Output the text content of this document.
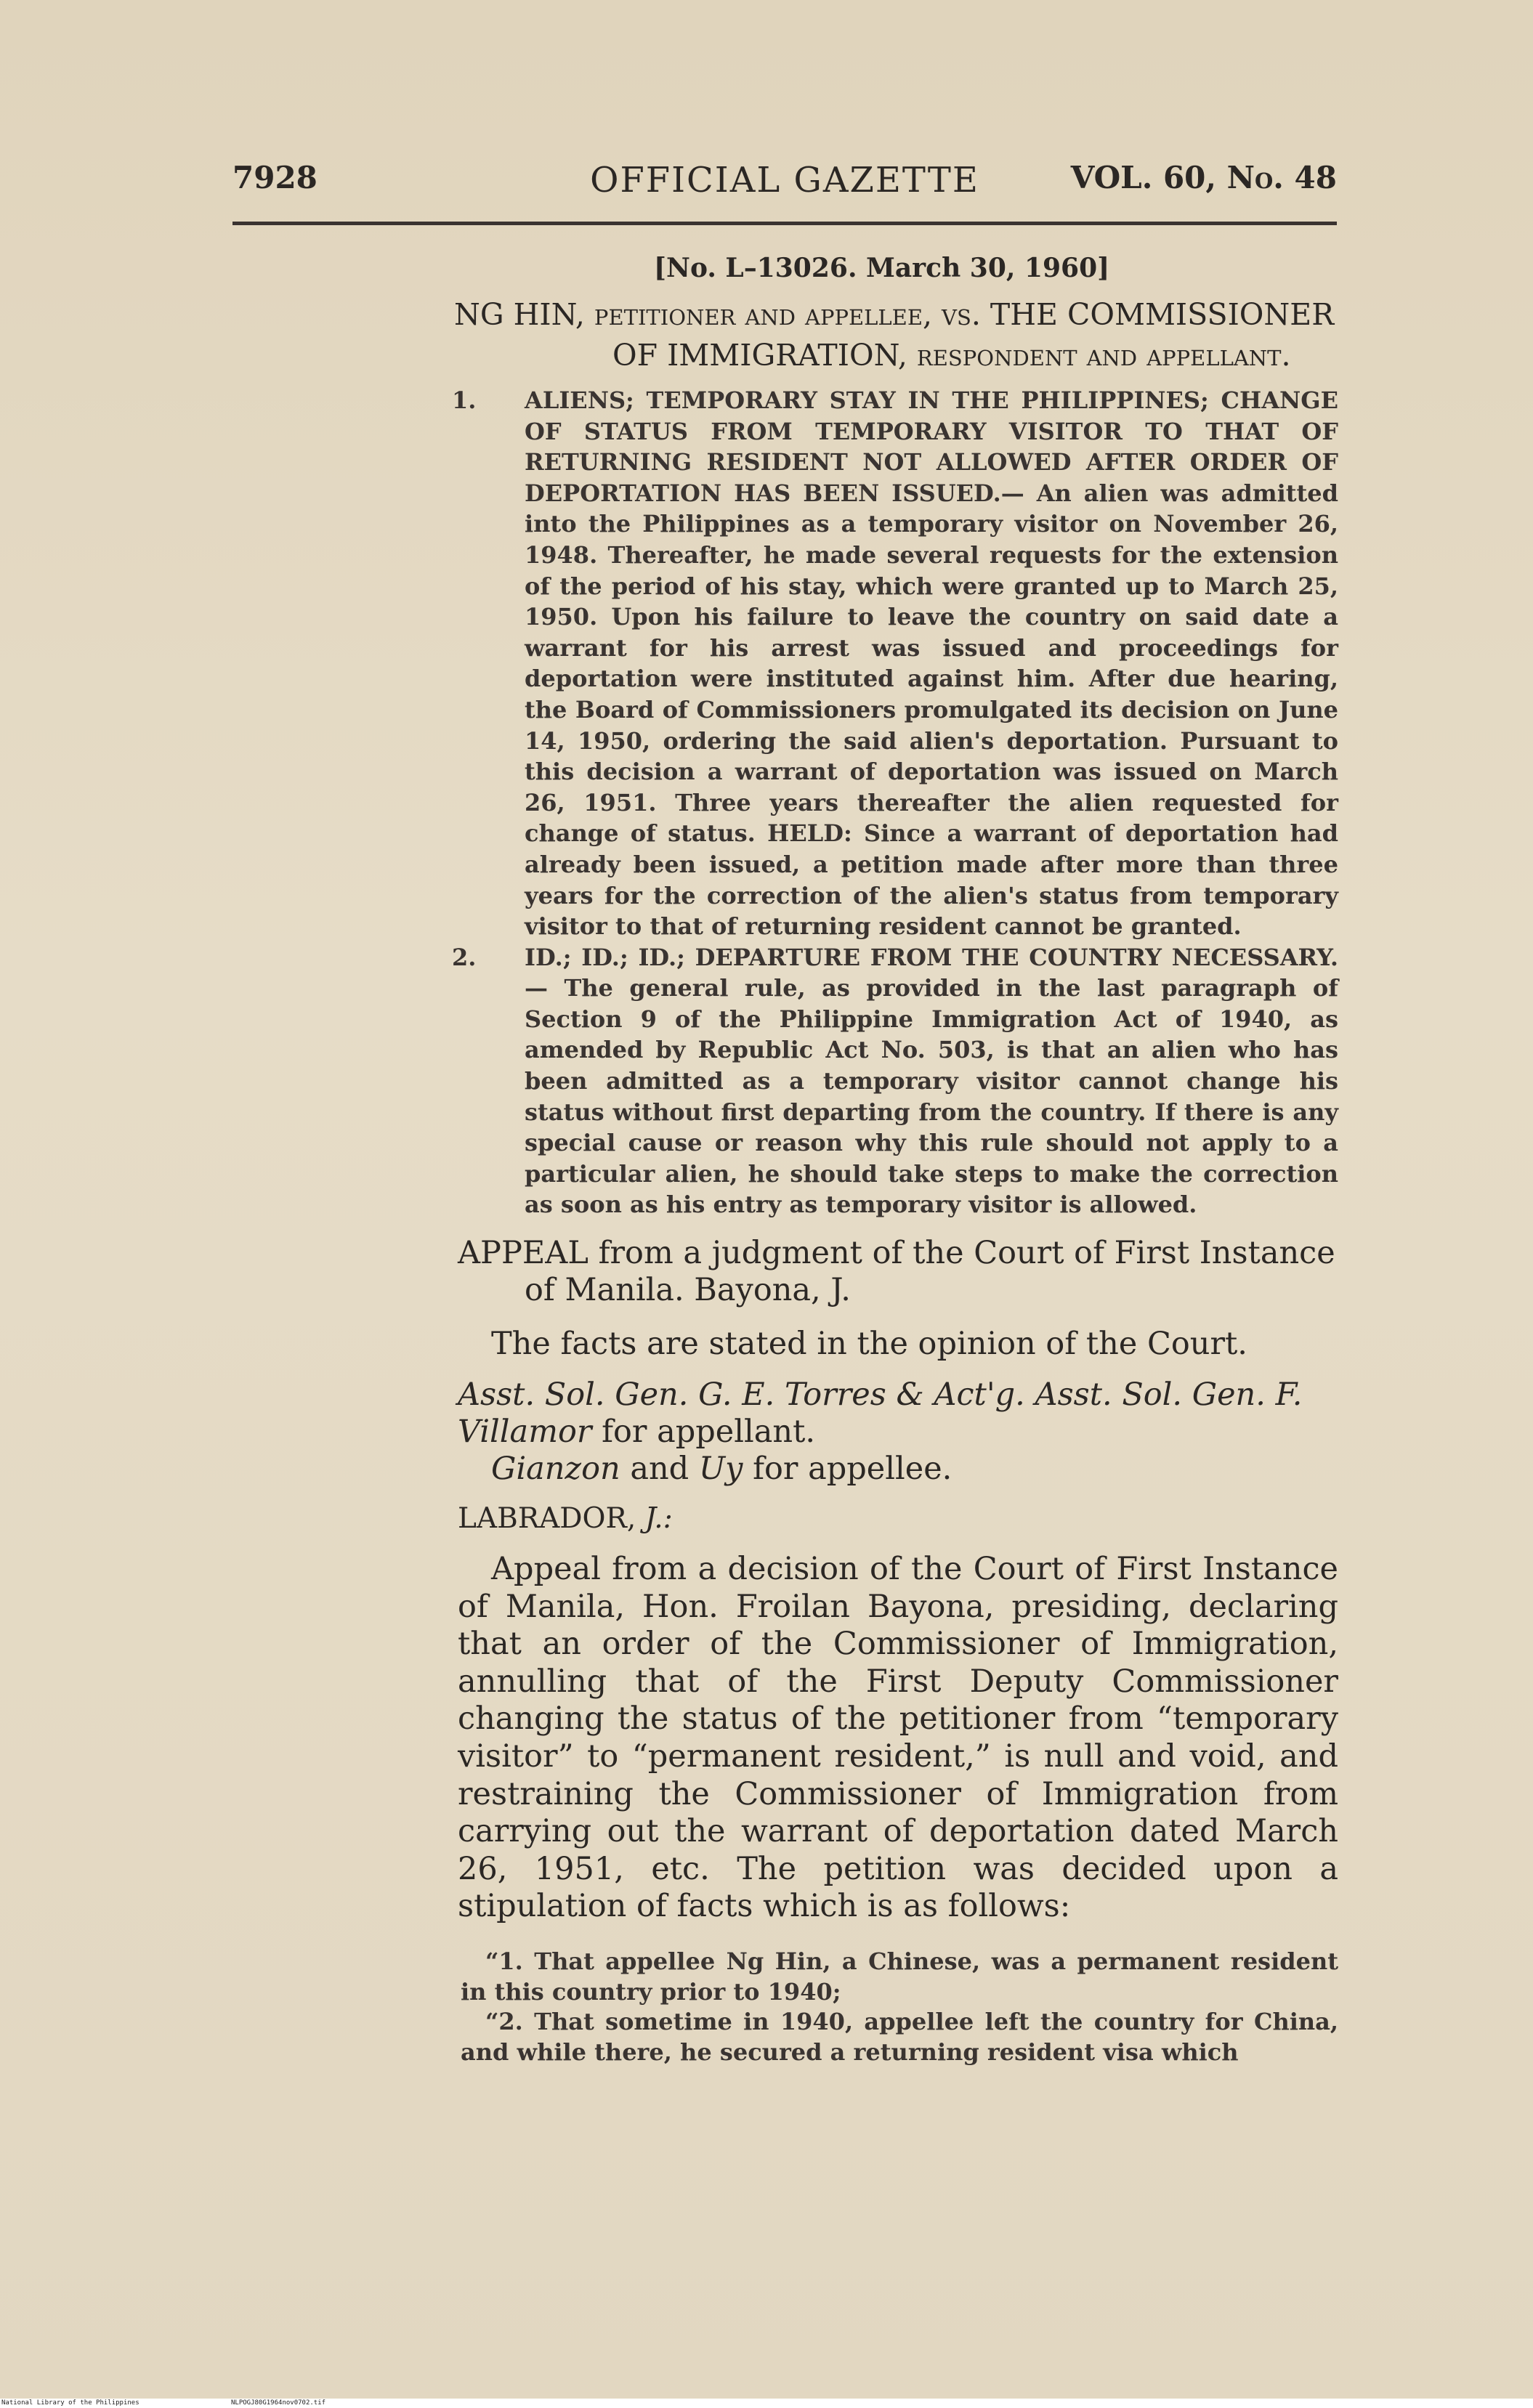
7928	OFFICIAL GAZETTE	VOL. 60, No. 48
[No. L–13026. March 30, 1960]
NG HIN, petitioner and appellee, vs. THE COMMISSIONER
OF IMMIGRATION, respondent and appellant.
1. ALIENS; TEMPORARY STAY IN THE PHILIPPINES; CHANGE OF STATUS FROM TEMPORARY VISITOR TO THAT OF RETURNING RESIDENT NOT ALLOWED AFTER ORDER OF DEPORTATION HAS BEEN ISSUED.— An alien was admitted into the Philippines as a temporary visitor on November 26, 1948. Thereafter, he made several requests for the extension of the period of his stay, which were granted up to March 25, 1950. Upon his failure to leave the country on said date a warrant for his arrest was issued and proceedings for deportation were instituted against him. After due hearing, the Board of Commissioners promulgated its decision on June 14, 1950, ordering the said alien's deportation. Pursuant to this decision a warrant of deportation was issued on March 26, 1951. Three years thereafter the alien requested for change of status. HELD: Since a warrant of deportation had already been issued, a petition made after more than three years for the correction of the alien's status from temporary visitor to that of returning resident cannot be granted.
2. ID.; ID.; ID.; DEPARTURE FROM THE COUNTRY NECESSARY.— The general rule, as provided in the last paragraph of Section 9 of the Philippine Immigration Act of 1940, as amended by Republic Act No. 503, is that an alien who has been admitted as a temporary visitor cannot change his status without first departing from the country. If there is any special cause or reason why this rule should not apply to a particular alien, he should take steps to make the correction as soon as his entry as temporary visitor is allowed.
APPEAL from a judgment of the Court of First Instance
of Manila. Bayona, J.
The facts are stated in the opinion of the Court.
Asst. Sol. Gen. G. E. Torres & Act'g. Asst. Sol. Gen. F. Villamor for appellant.
Gianzon and Uy for appellee.
LABRADOR, J.:
Appeal from a decision of the Court of First Instance of Manila, Hon. Froilan Bayona, presiding, declaring that an order of the Commissioner of Immigration, annulling that of the First Deputy Commissioner changing the status of the petitioner from “temporary visitor” to “permanent resident,” is null and void, and restraining the Commissioner of Immigration from carrying out the warrant of deportation dated March 26, 1951, etc. The petition was decided upon a stipulation of facts which is as follows:
“1. That appellee Ng Hin, a Chinese, was a permanent resident in this country prior to 1940;
“2. That sometime in 1940, appellee left the country for China, and while there, he secured a returning resident visa which
National Library of the Philippines	NLPOGJ80G1964nov0702.tif
